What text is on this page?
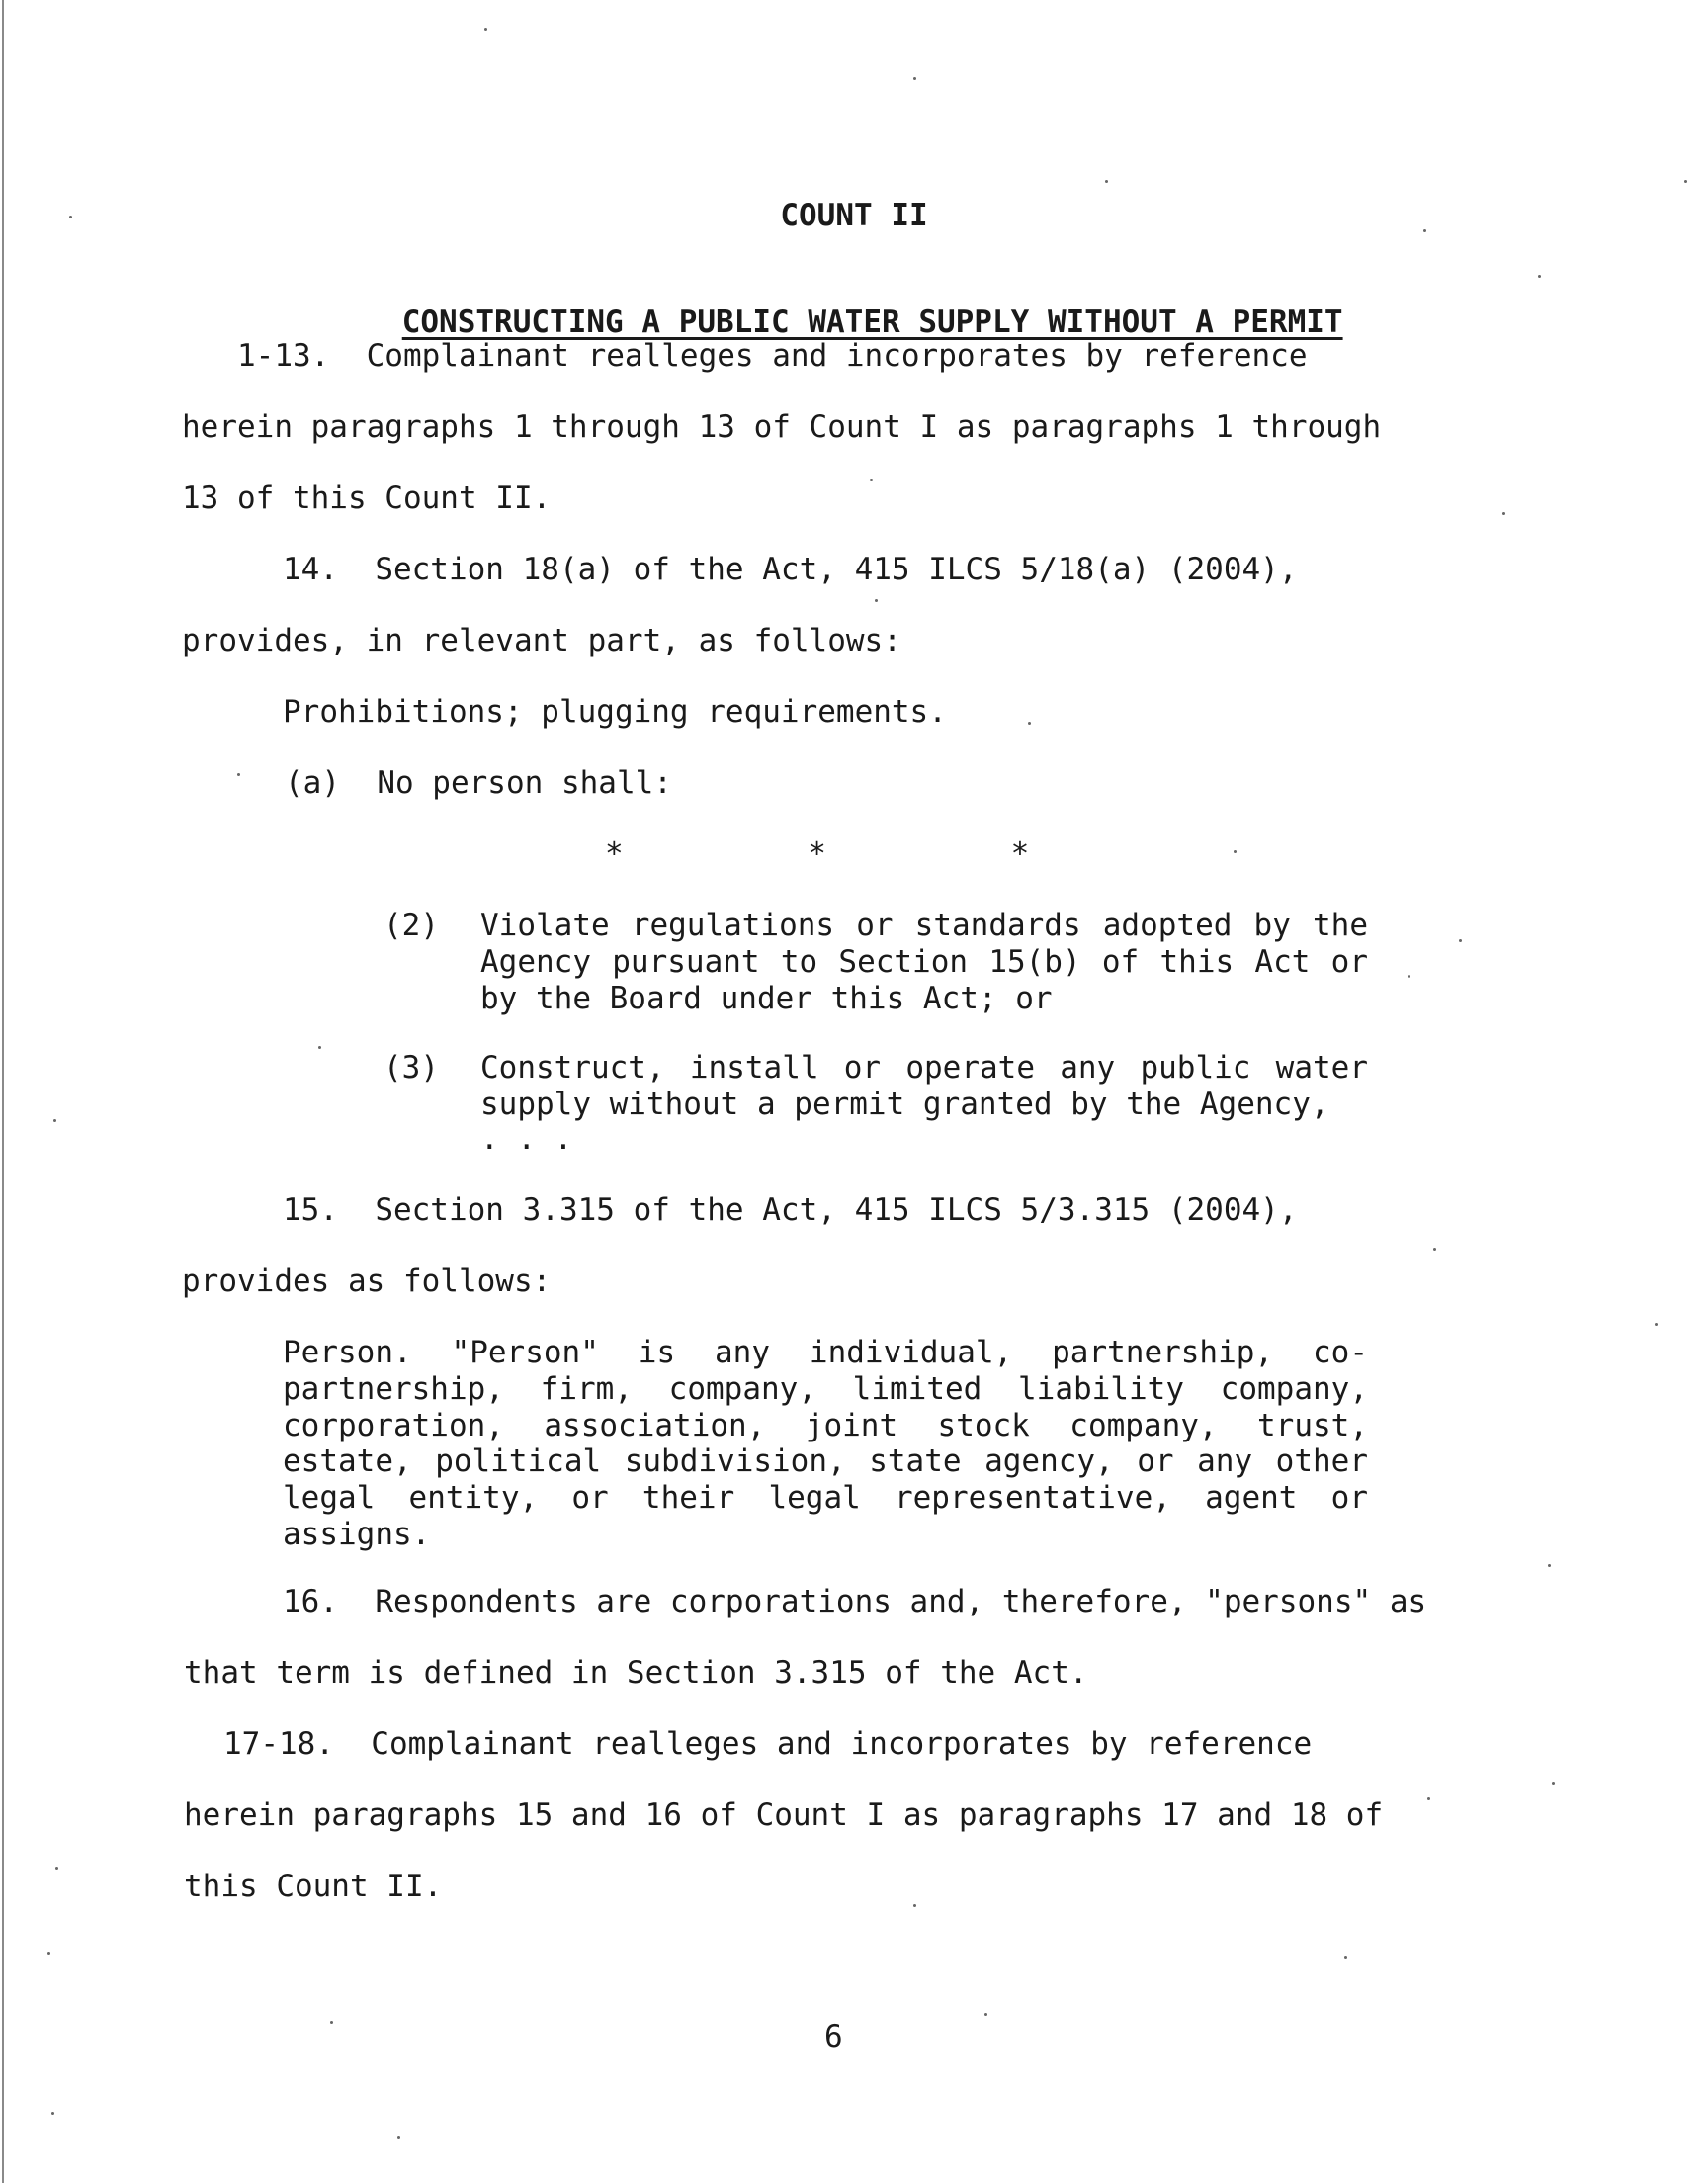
COUNT II

CONSTRUCTING A PUBLIC WATER SUPPLY WITHOUT A PERMIT

1-13.  Complainant realleges and incorporates by reference
herein paragraphs 1 through 13 of Count I as paragraphs 1 through
13 of this Count II.
14.  Section 18(a) of the Act, 415 ILCS 5/18(a) (2004),
provides, in relevant part, as follows:
Prohibitions; plugging requirements.
(a)  No person shall:
*          *          *
(2) Violate regulations or standards adopted by the Agency pursuant to Section 15(b) of this Act or by the Board under this Act; or
(3) Construct, install or operate any public water supply without a permit granted by the Agency,
. . .
15.  Section 3.315 of the Act, 415 ILCS 5/3.315 (2004),
provides as follows:
Person. "Person" is any individual, partnership, co-partnership, firm, company, limited liability company, corporation, association, joint stock company, trust, estate, political subdivision, state agency, or any other legal entity, or their legal representative, agent or assigns.
16.  Respondents are corporations and, therefore, "persons" as
that term is defined in Section 3.315 of the Act.
17-18.  Complainant realleges and incorporates by reference
herein paragraphs 15 and 16 of Count I as paragraphs 17 and 18 of
this Count II.
6
